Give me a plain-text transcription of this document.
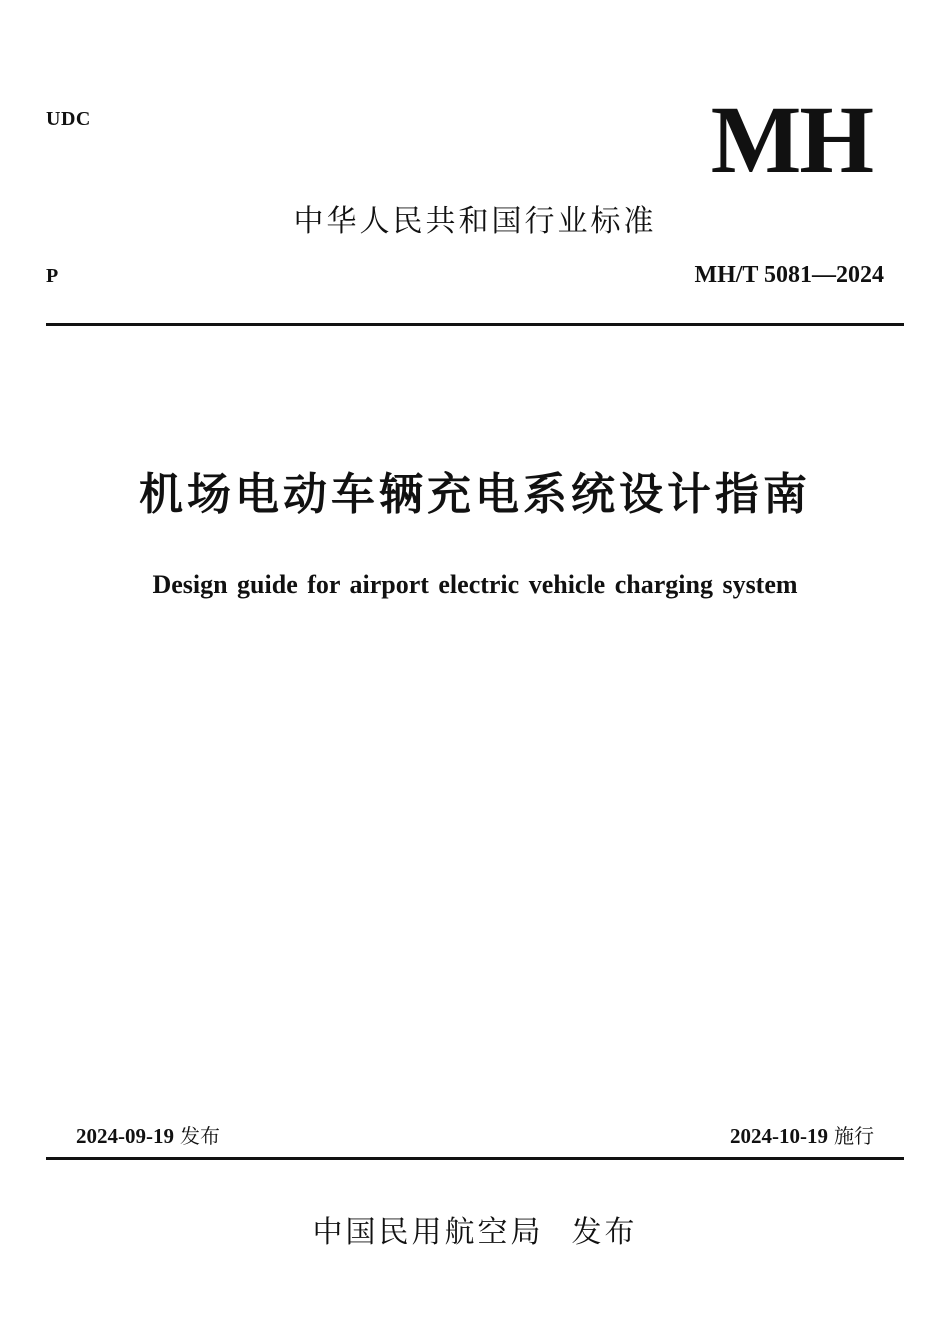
UDC	MH
中华人民共和国行业标准
P	MH/T 5081—2024
机场电动车辆充电系统设计指南
Design guide for airport electric vehicle charging system
2024-09-19 发布	2024-10-19 施行
中国民用航空局 发布
